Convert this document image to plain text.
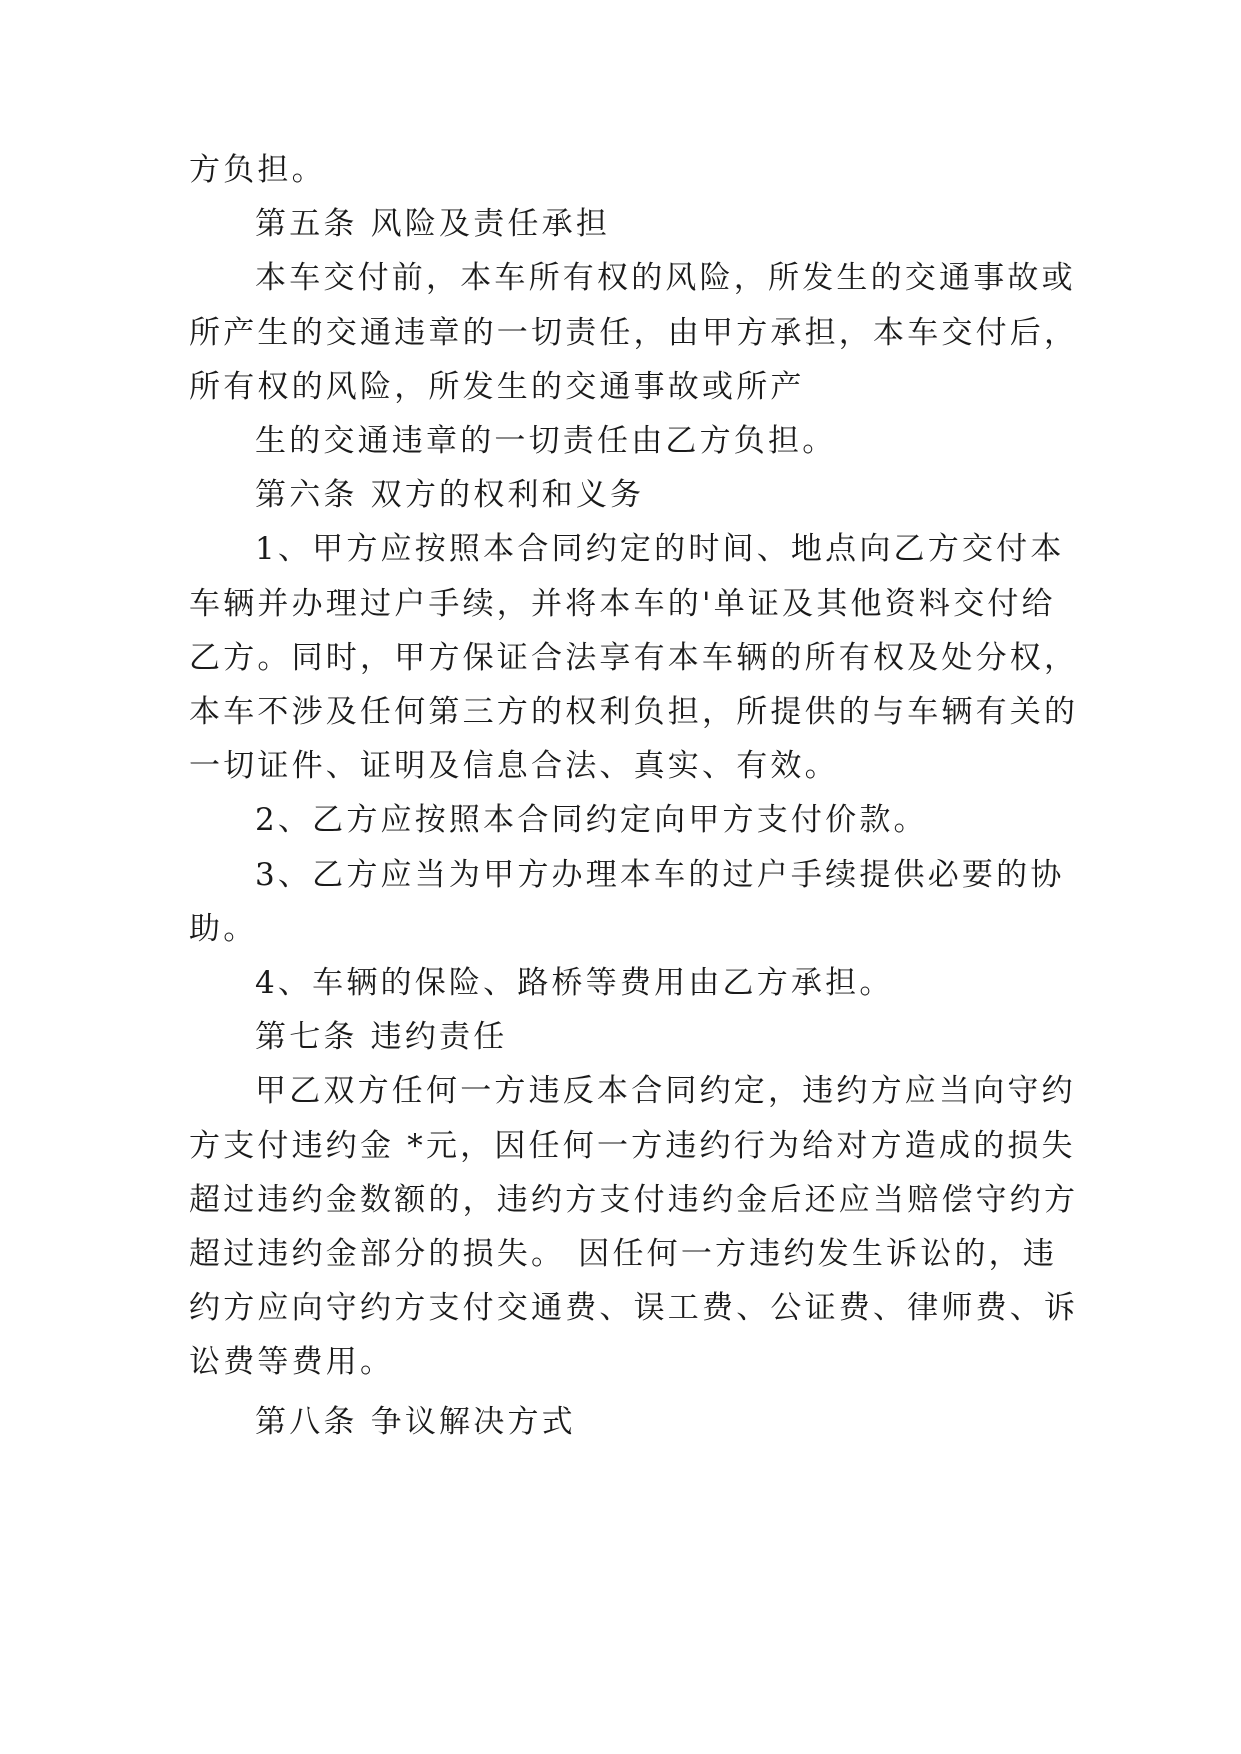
方负担。
第五条 风险及责任承担
本车交付前，本车所有权的风险，所发生的交通事故或
所产生的交通违章的一切责任，由甲方承担，本车交付后，
所有权的风险，所发生的交通事故或所产
生的交通违章的一切责任由乙方负担。
第六条 双方的权利和义务
1、甲方应按照本合同约定的时间、地点向乙方交付本
车辆并办理过户手续，并将本车的'单证及其他资料交付给
乙方。同时，甲方保证合法享有本车辆的所有权及处分权，
本车不涉及任何第三方的权利负担，所提供的与车辆有关的
一切证件、证明及信息合法、真实、有效。
2、乙方应按照本合同约定向甲方支付价款。
3、乙方应当为甲方办理本车的过户手续提供必要的协
助。
4、车辆的保险、路桥等费用由乙方承担。
第七条 违约责任
甲乙双方任何一方违反本合同约定，违约方应当向守约
方支付违约金 *元，因任何一方违约行为给对方造成的损失
超过违约金数额的，违约方支付违约金后还应当赔偿守约方
超过违约金部分的损失。 因任何一方违约发生诉讼的，违
约方应向守约方支付交通费、误工费、公证费、律师费、诉
讼费等费用。
第八条 争议解决方式
